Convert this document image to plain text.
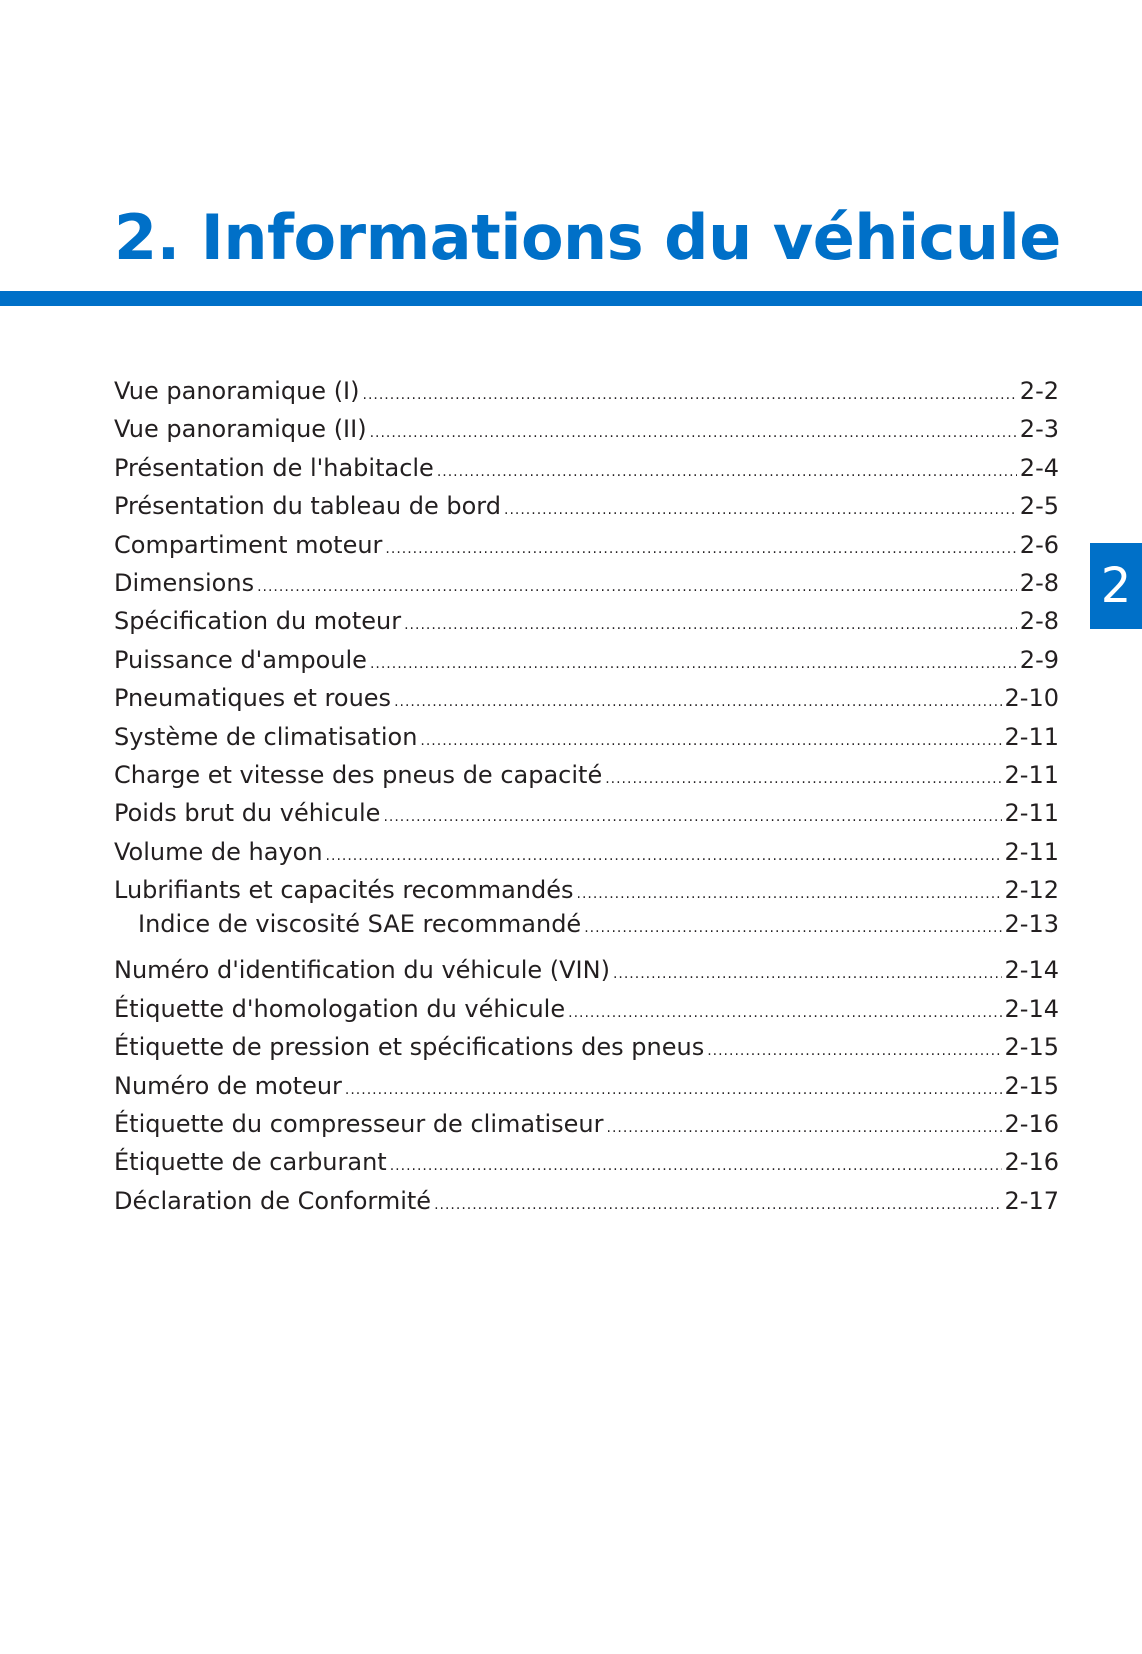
2. Informations du véhicule
2
Vue panoramique (I) .....	2-2
Vue panoramique (II) .....	2-3
Présentation de l'habitacle .....	2-4
Présentation du tableau de bord .....	2-5
Compartiment moteur .....	2-6
Dimensions .....	2-8
Spécification du moteur .....	2-8
Puissance d'ampoule .....	2-9
Pneumatiques et roues .....	2-10
Système de climatisation .....	2-11
Charge et vitesse des pneus de capacité .....	2-11
Poids brut du véhicule .....	2-11
Volume de hayon .....	2-11
Lubrifiants et capacités recommandés .....	2-12
Indice de viscosité SAE recommandé .....	2-13
Numéro d'identification du véhicule (VIN) .....	2-14
Étiquette d'homologation du véhicule .....	2-14
Étiquette de pression et spécifications des pneus .....	2-15
Numéro de moteur .....	2-15
Étiquette du compresseur de climatiseur .....	2-16
Étiquette de carburant .....	2-16
Déclaration de Conformité .....	2-17
